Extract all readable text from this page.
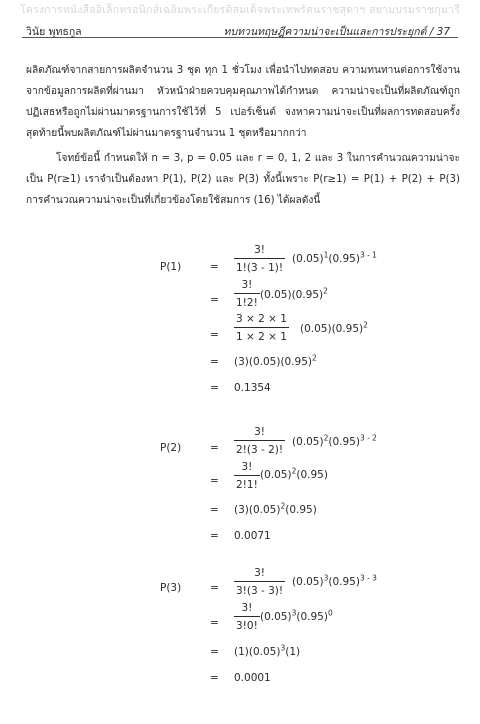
โครงการหนังสืออิเล็กทรอนิกส์เฉลิมพระเกียรติสมเด็จพระเทพรัตนราชสุดาฯ สยามบรมราชกุมารี
วินัย พุทธกูล	ทบทวนทฤษฎีความน่าจะเป็นและการประยุกต์ / 37

ผลิตภัณฑ์จากสายการผลิตจำนวน 3 ชุด ทุก 1 ชั่วโมง เพื่อนำไปทดสอบ ความทนทานต่อการใช้งาน จากข้อมูลการผลิตที่ผ่านมา หัวหน้าฝ่ายควบคุมคุณภาพได้กำหนด ความน่าจะเป็นที่ผลิตภัณฑ์ถูกปฏิเสธหรือถูกไม่ผ่านมาตรฐานการใช้ไว้ที่ 5 เปอร์เซ็นต์ จงหาความน่าจะเป็นที่ผลการทดสอบครั้งสุดท้ายนี้พบผลิตภัณฑ์ไม่ผ่านมาตรฐานจำนวน 1 ชุดหรือมากกว่า

โจทย์ข้อนี้ กำหนดให้ n = 3, p = 0.05 และ r = 0, 1, 2 และ 3 ในการคำนวณความน่าจะเป็น P(r≥1) เราจำเป็นต้องหา P(1), P(2) และ P(3) ทั้งนี้เพราะ P(r≥1) = P(1) + P(2) + P(3) การคำนวณความน่าจะเป็นที่เกี่ยวข้องโดยใช้สมการ (16) ได้ผลดังนี้

P(1)	=
3!
1!(3 - 1)!
$(0.05)^1(0.95)^{3 - 1}$
=
3!
1!2!
$(0.05)(0.95)^2$
=
3 × 2 × 1
1 × 2 × 1
$(0.05)(0.95)^2$
= $(3)(0.05)(0.95)^2$
= 0.1354
P(2)	=
3!
2!(3 - 2)!
$(0.05)^2(0.95)^{3 - 2}$
=
3!
2!1!
$(0.05)^2(0.95)$
= $(3)(0.05)^2(0.95)$
= 0.0071
P(3)	=
3!
3!(3 - 3)!
$(0.05)^3(0.95)^{3 - 3}$
=
3!
3!0!
$(0.05)^3(0.95)^0$
= $(1)(0.05)^3(1)$
= 0.0001
